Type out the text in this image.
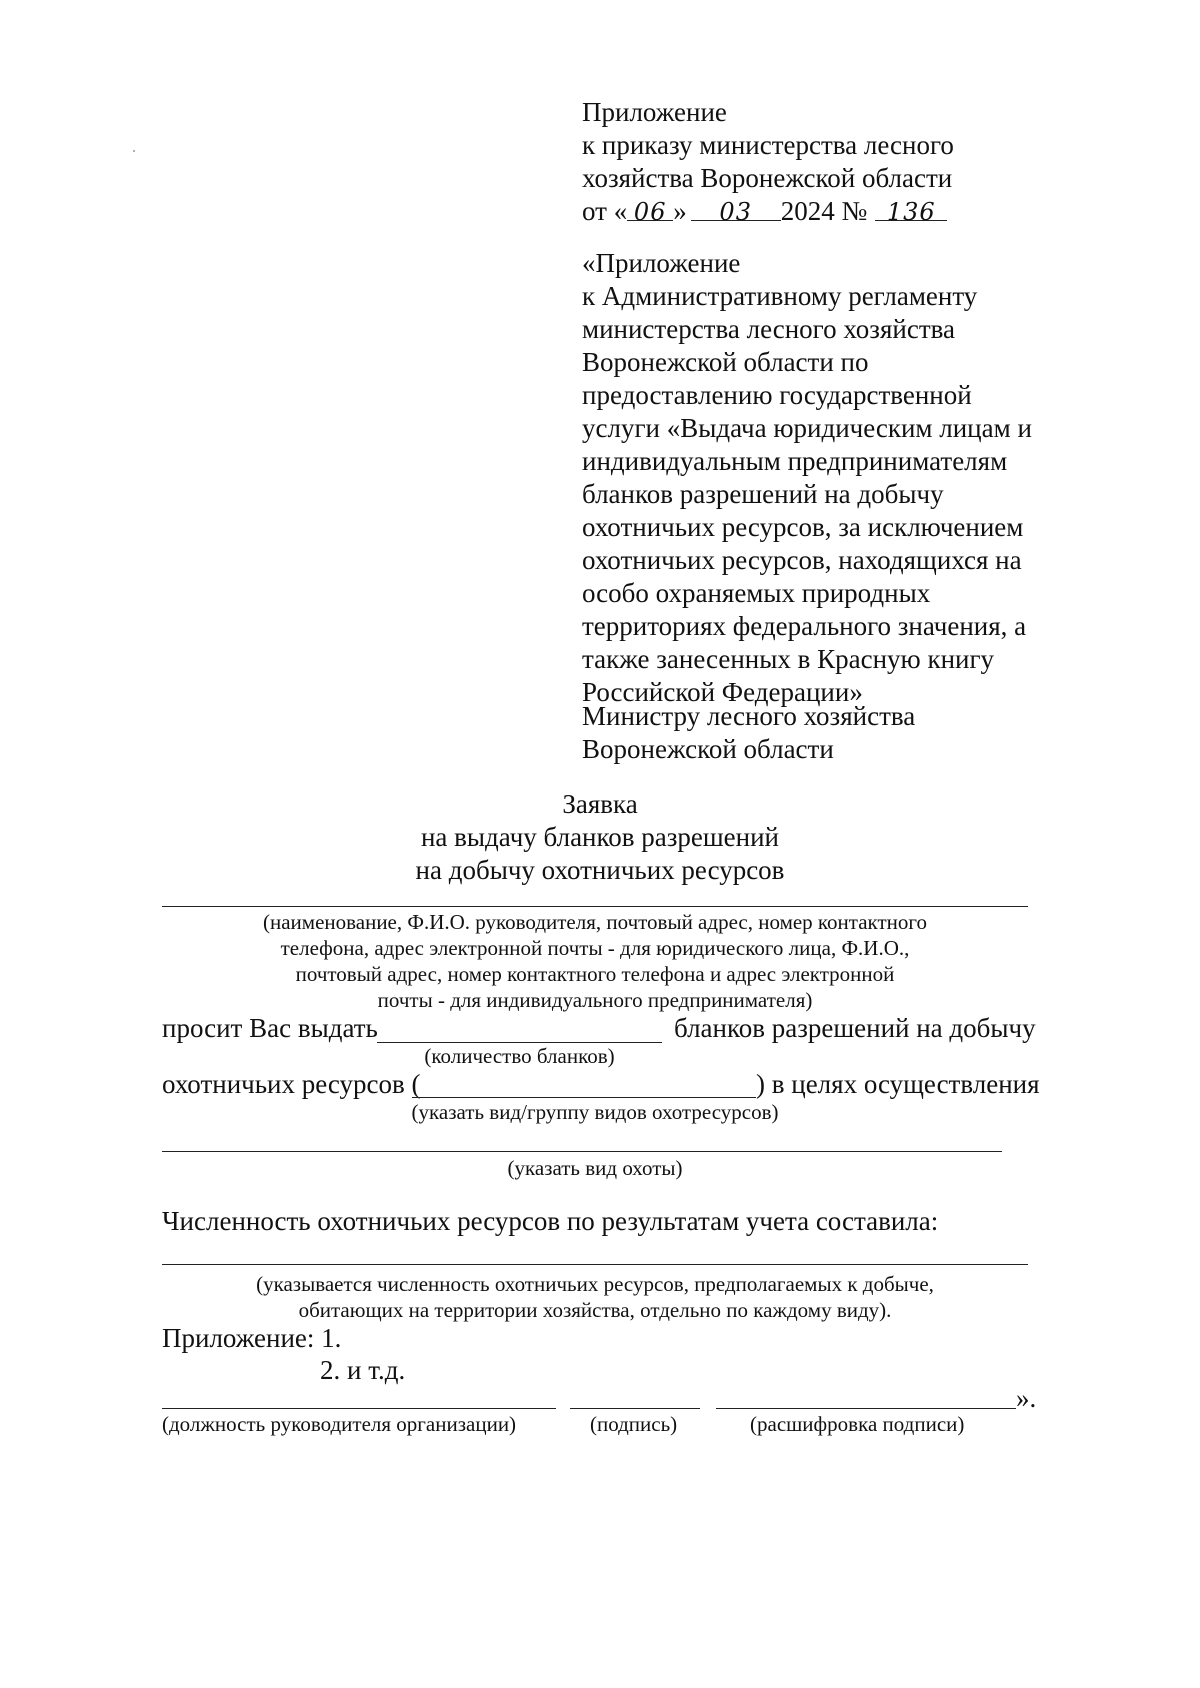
Приложение
к приказу министерства лесного
хозяйства Воронежской области
от « 06 » 03 2024 № 136
«Приложение
к Административному регламенту
министерства лесного хозяйства
Воронежской области по
предоставлению государственной
услуги «Выдача юридическим лицам и
индивидуальным предпринимателям
бланков разрешений на добычу
охотничьих ресурсов, за исключением
охотничьих ресурсов, находящихся на
особо охраняемых природных
территориях федерального значения, а
также занесенных в Красную книгу
Российской Федерации»
Министру лесного хозяйства
Воронежской области
Заявка
на выдачу бланков разрешений
на добычу охотничьих ресурсов
(наименование, Ф.И.О. руководителя, почтовый адрес, номер контактного
телефона, адрес электронной почты - для юридического лица, Ф.И.О.,
почтовый адрес, номер контактного телефона и адрес электронной
почты - для индивидуального предпринимателя)
просит Вас выдать	бланков разрешений на добычу
(количество бланков)
охотничьих ресурсов (	) в целях осуществления
(указать вид/группу видов охотресурсов)
(указать вид охоты)
Численность охотничьих ресурсов по результатам учета составила:
(указывается численность охотничьих ресурсов, предполагаемых к добыче,
обитающих на территории хозяйства, отдельно по каждому виду).
Приложение: 1.
2. и т.д.
».
(должность руководителя организации)	(подпись)	(расшифровка подписи)
